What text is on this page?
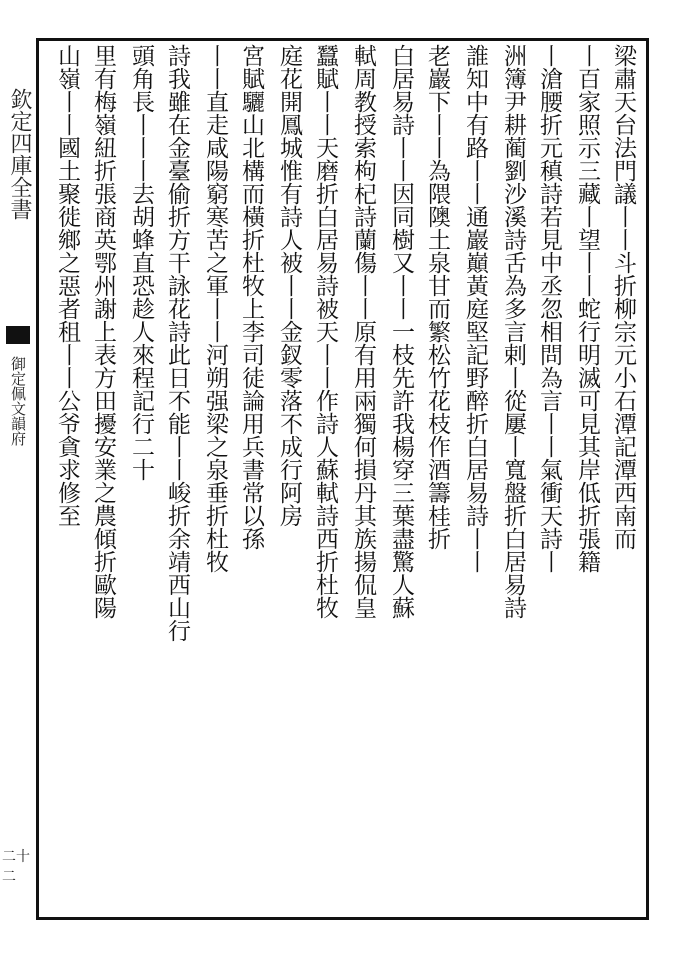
欽定四庫全書
御定佩文韻府
二十二
梁肅天台法門議丨丨斗折柳宗元小石潭記潭西南而
丨百家照示三藏丨望丨丨蛇行明滅可見其岸低折張籍
丨滄腰折元稹詩若見中丞忽相問為言丨丨氣衝天詩丨
洲簿尹耕蔺劉沙溪詩舌為多言剌丨從屢丨寬盤折白居易詩
誰知中有路丨丨通巖巔黃庭堅記野醉折白居易詩丨丨
老巖下丨丨為隈隩土泉甘而繁松竹花枝作酒籌桂折
白居易詩丨丨因同樹又丨丨一枝先許我楊穿三葉盡驚人蘇
軾周教授索枸杞詩蘭傷丨丨原有用兩獨何損丹其族揚侃皇
蠶賦丨丨天磨折白居易詩被天丨丨作詩人蘇軾詩西折杜牧
庭花開鳳城惟有詩人被丨丨金釵零落不成行阿房
宮賦驪山北構而橫折杜牧上李司徒論用兵書常以孫
丨丨直走咸陽窮寒苦之軍丨丨河朔强梁之泉垂折杜牧
詩我雖在金臺偷折方干詠花詩此日不能丨丨峻折余靖西山行
頭角長丨丨丨去胡蜂直恐趁人來程記行二十
里有梅嶺紐折張商英鄂州謝上表方田擾安業之農傾折歐陽
山嶺丨丨國土聚徙鄉之惡者租丨丨公爷貪求修至
